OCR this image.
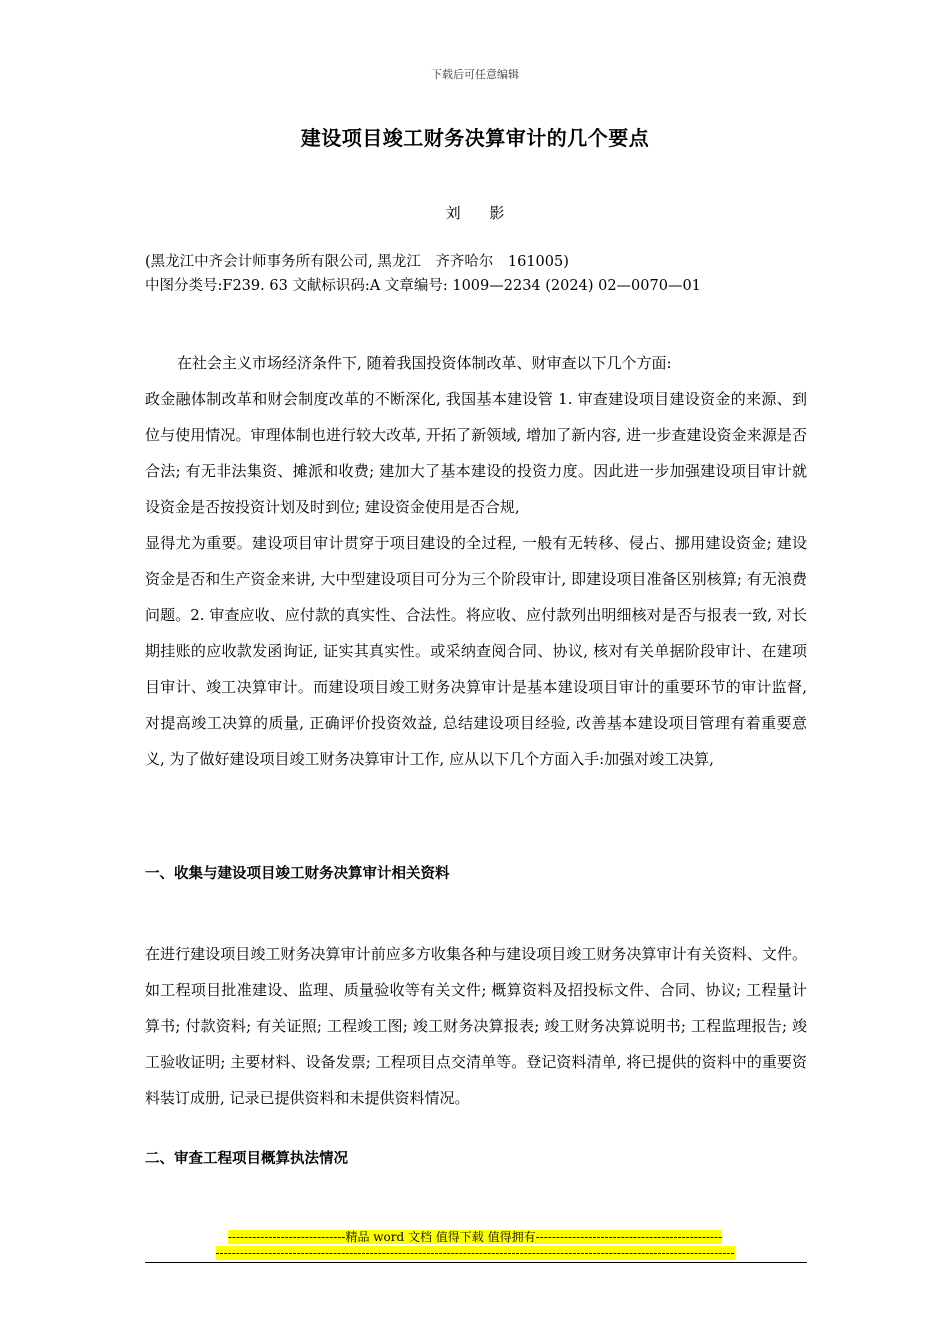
下载后可任意编辑
建设项目竣工财务决算审计的几个要点
刘 影
(黑龙江中齐会计师事务所有限公司, 黑龙江　齐齐哈尔　161005)
中图分类号:F239. 63 文献标识码:A 文章编号: 1009—2234 (2024) 02—0070—01

在社会主义市场经济条件下, 随着我国投资体制改革、财审查以下几个方面:

政金融体制改革和财会制度改革的不断深化, 我国基本建设管 1. 审查建设项目建设资金的来源、到位与使用情况。审理体制也进行较大改革, 开拓了新领域, 增加了新内容, 进一步查建设资金来源是否合法; 有无非法集资、摊派和收费; 建加大了基本建设的投资力度。因此进一步加强建设项目审计就设资金是否按投资计划及时到位; 建设资金使用是否合规,

显得尤为重要。建设项目审计贯穿于项目建设的全过程, 一般有无转移、侵占、挪用建设资金; 建设资金是否和生产资金来讲, 大中型建设项目可分为三个阶段审计, 即建设项目准备区别核算; 有无浪费问题。2. 审查应收、应付款的真实性、合法性。将应收、应付款列出明细核对是否与报表一致, 对长期挂账的应收款发函询证, 证实其真实性。或采纳查阅合同、协议, 核对有关单据阶段审计、在建项目审计、竣工决算审计。而建设项目竣工财务决算审计是基本建设项目审计的重要环节的审计监督, 对提高竣工决算的质量, 正确评价投资效益, 总结建设项目经验, 改善基本建设项目管理有着重要意义, 为了做好建设项目竣工财务决算审计工作, 应从以下几个方面入手:加强对竣工决算,

一、收集与建设项目竣工财务决算审计相关资料

在进行建设项目竣工财务决算审计前应多方收集各种与建设项目竣工财务决算审计有关资料、文件。如工程项目批准建设、监理、质量验收等有关文件; 概算资料及招投标文件、合同、协议; 工程量计算书; 付款资料; 有关证照; 工程竣工图; 竣工财务决算报表; 竣工财务决算说明书; 工程监理报告; 竣工验收证明; 主要材料、设备发票; 工程项目点交清单等。登记资料清单, 将已提供的资料中的重要资料装订成册, 记录已提供资料和未提供资料情况。

二、审查工程项目概算执法情况
-----------------------------精品 word 文档 值得下载 值得拥有----------------------------------------------
--------------------------------------------------------------------------------------------------------------------------------
